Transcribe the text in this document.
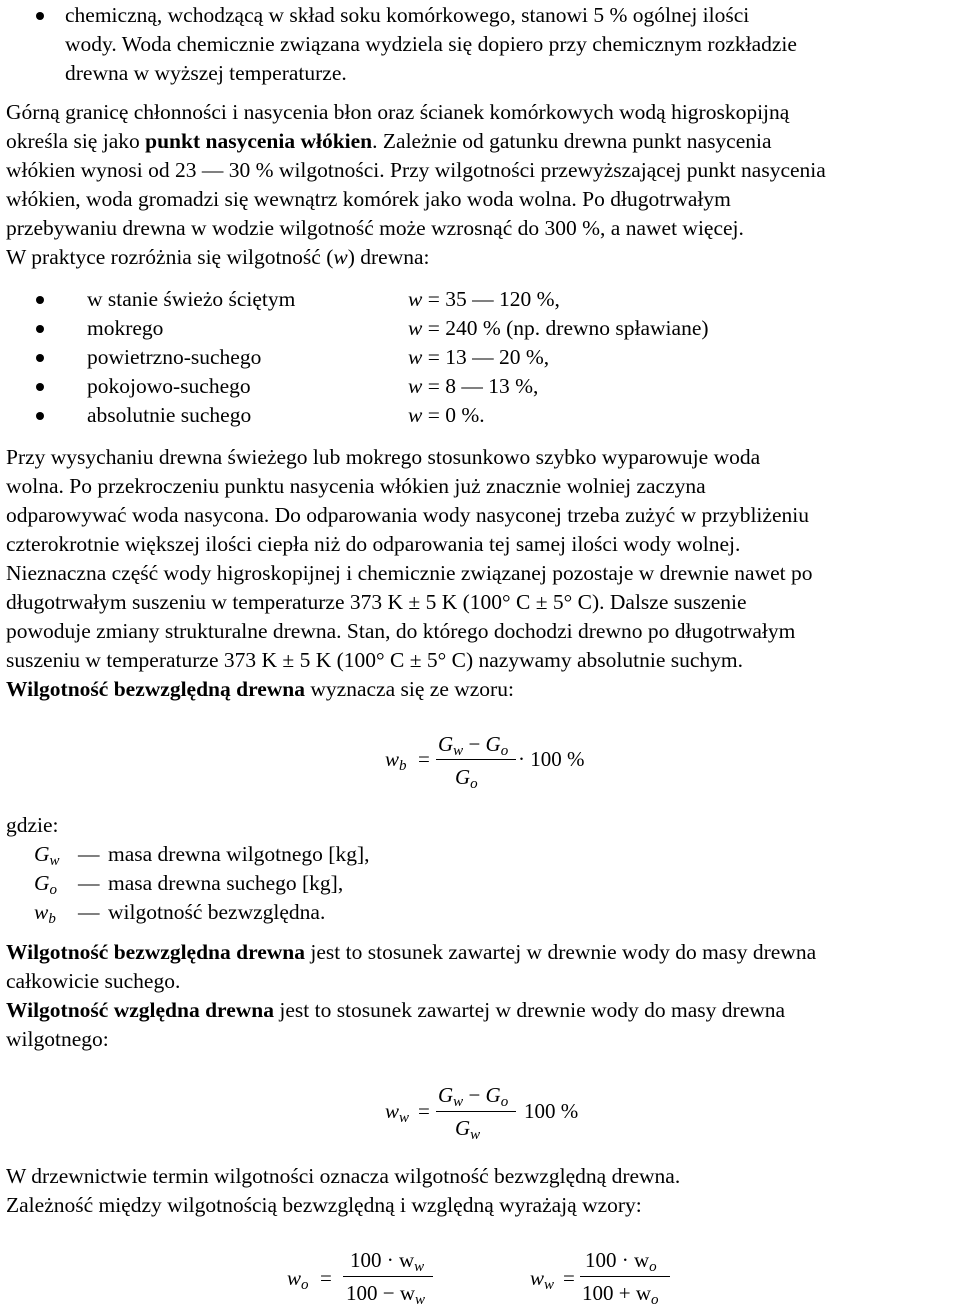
chemiczną, wchodzącą w skład soku komórkowego, stanowi 5 % ogólnej ilości
wody. Woda chemicznie związana wydziela się dopiero przy chemicznym rozkładzie
drewna w wyższej temperaturze.
Górną granicę chłonności i nasycenia błon oraz ścianek komórkowych wodą higroskopijną
określa się jako punkt nasycenia włókien. Zależnie od gatunku drewna punkt nasycenia
włókien wynosi od 23 — 30 % wilgotności. Przy wilgotności przewyższającej punkt nasycenia
włókien, woda gromadzi się wewnątrz komórek jako woda wolna. Po długotrwałym
przebywaniu drewna w wodzie wilgotność może wzrosnąć do 300 %, a nawet więcej.
W praktyce rozróżnia się wilgotność (w) drewna:
w stanie świeżo ściętym	w = 35 — 120 %,
mokrego	w = 240 % (np. drewno spławiane)
powietrzno-suchego	w = 13 — 20 %,
pokojowo-suchego	w = 8 — 13 %,
absolutnie suchego	w = 0 %.
Przy wysychaniu drewna świeżego lub mokrego stosunkowo szybko wyparowuje woda
wolna. Po przekroczeniu punktu nasycenia włókien już znacznie wolniej zaczyna
odparowywać woda nasycona. Do odparowania wody nasyconej trzeba zużyć w przybliżeniu
czterokrotnie większej ilości ciepła niż do odparowania tej samej ilości wody wolnej.
Nieznaczna część wody higroskopijnej i chemicznie związanej pozostaje w drewnie nawet po
długotrwałym suszeniu w temperaturze 373 K ± 5 K (100° C ± 5° C). Dalsze suszenie
powoduje zmiany strukturalne drewna. Stan, do którego dochodzi drewno po długotrwałym
suszeniu w temperaturze 373 K ± 5 K (100° C ± 5° C) nazywamy absolutnie suchym.
Wilgotność bezwzględną drewna wyznacza się ze wzoru:
wb =
Gw − Go
Go
· 100 %
gdzie:
Gw — masa drewna wilgotnego [kg],
Go — masa drewna suchego [kg],
wb — wilgotność bezwzględna.
Wilgotność bezwzględna drewna jest to stosunek zawartej w drewnie wody do masy drewna
całkowicie suchego.
Wilgotność względna drewna jest to stosunek zawartej w drewnie wody do masy drewna
wilgotnego:
ww =
Gw − Go
Gw
100 %
W drzewnictwie termin wilgotności oznacza wilgotność bezwzględną drewna.
Zależność między wilgotnością bezwzględną i względną wyrażają wzory:
wo =
100 · ww
100 − ww
ww =
100 · wo
100 + wo
